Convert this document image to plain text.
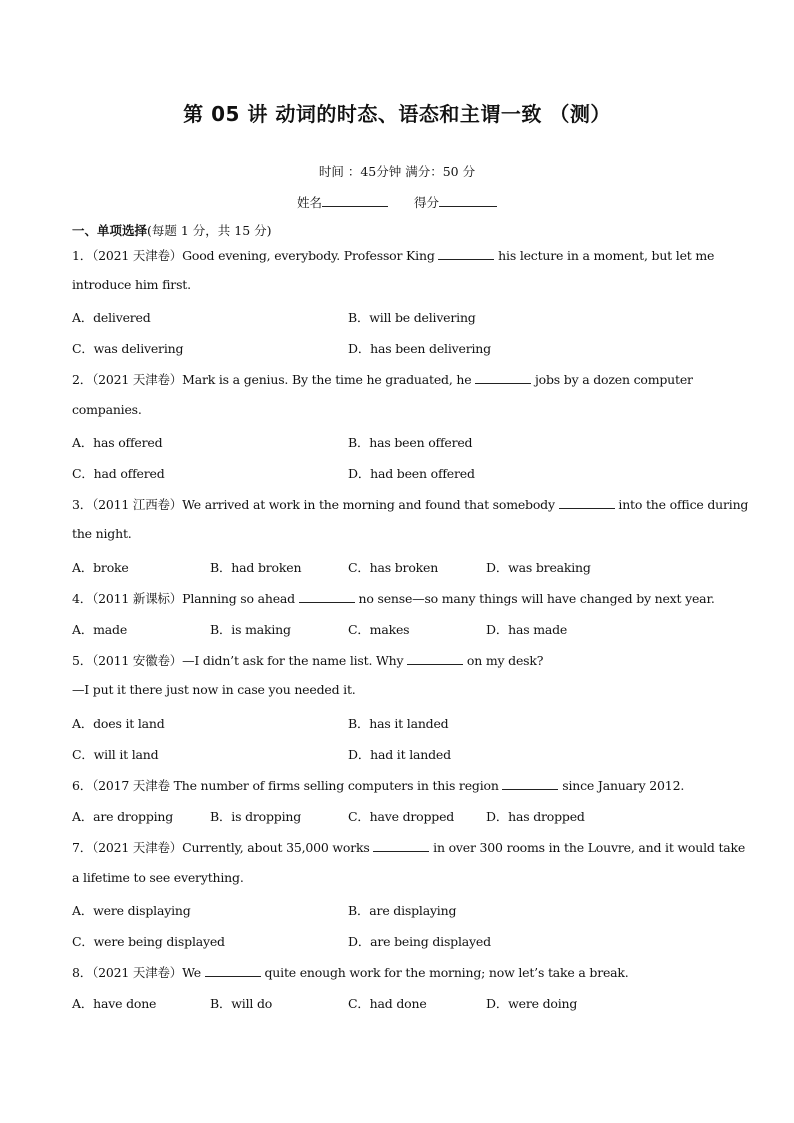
第 05 讲 动词的时态、语态和主谓一致 （测）
时间 ：45分钟 满分：50 分
姓名	得分
一、单项选择(每题 1 分，共 15 分)
1．（2021 天津卷）Good evening, everybody. Professor King	his lecture in a moment, but let me
introduce him first.
A．delivered	B．will be delivering
C．was delivering	D．has been delivering
2．（2021 天津卷）Mark is a genius. By the time he graduated, he	jobs by a dozen computer
companies.
A．has offered	B．has been offered
C．had offered	D．had been offered
3．（2011 江西卷）We arrived at work in the morning and found that somebody	into the office during
the night.
A．broke	B．had broken	C．has broken	D．was breaking
4．（2011 新课标）Planning so ahead	no sense—so many things will have changed by next year.
A．made	B．is making	C．makes	D．has made
5．（2011 安徽卷）—I didn’t ask for the name list. Why	on my desk?
—I put it there just now in case you needed it.
A．does it land	B．has it landed
C．will it land	D．had it landed
6．（2017 天津卷 The number of firms selling computers in this region	since January 2012.
A．are dropping	B．is dropping	C．have dropped	D．has dropped
7．（2021 天津卷）Currently, about 35,000 works	in over 300 rooms in the Louvre, and it would take
a lifetime to see everything.
A．were displaying	B．are displaying
C．were being displayed	D．are being displayed
8．（2021 天津卷）We	quite enough work for the morning; now let’s take a break.
A．have done	B．will do	C．had done	D．were doing
